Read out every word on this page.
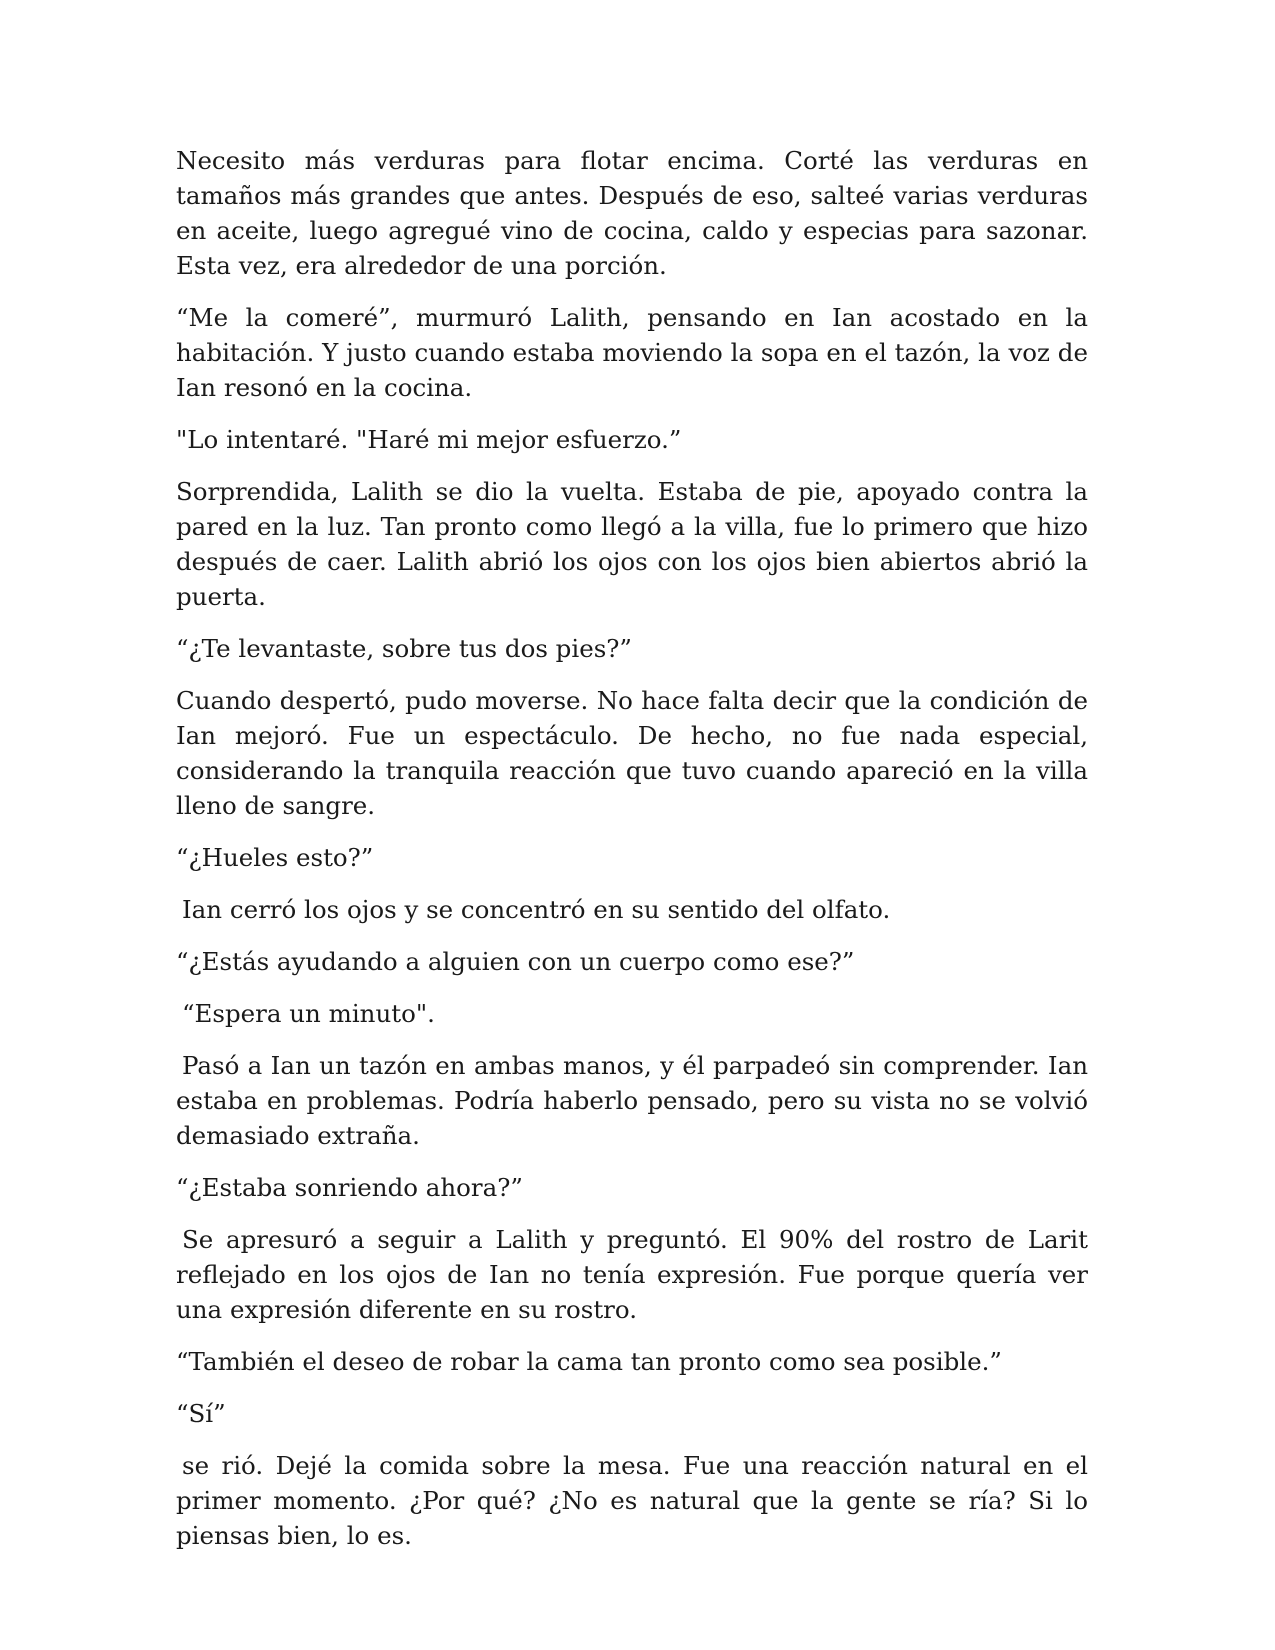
Necesito más verduras para flotar encima. Corté las verduras en tamaños más grandes que antes. Después de eso, salteé varias verduras en aceite, luego agregué vino de cocina, caldo y especias para sazonar. Esta vez, era alrededor de una porción.

“Me la comeré”, murmuró Lalith, pensando en Ian acostado en la habitación. Y justo cuando estaba moviendo la sopa en el tazón, la voz de Ian resonó en la cocina.

"Lo intentaré. "Haré mi mejor esfuerzo.”

Sorprendida, Lalith se dio la vuelta. Estaba de pie, apoyado contra la pared en la luz. Tan pronto como llegó a la villa, fue lo primero que hizo después de caer. Lalith abrió los ojos con los ojos bien abiertos abrió la puerta.

“¿Te levantaste, sobre tus dos pies?”

Cuando despertó, pudo moverse. No hace falta decir que la condición de Ian mejoró. Fue un espectáculo. De hecho, no fue nada especial, considerando la tranquila reacción que tuvo cuando apareció en la villa lleno de sangre.

“¿Hueles esto?”

Ian cerró los ojos y se concentró en su sentido del olfato.

“¿Estás ayudando a alguien con un cuerpo como ese?”

“Espera un minuto".

Pasó a Ian un tazón en ambas manos, y él parpadeó sin comprender. Ian estaba en problemas. Podría haberlo pensado, pero su vista no se volvió demasiado extraña.

“¿Estaba sonriendo ahora?”

Se apresuró a seguir a Lalith y preguntó. El 90% del rostro de Larit reflejado en los ojos de Ian no tenía expresión. Fue porque quería ver una expresión diferente en su rostro.

“También el deseo de robar la cama tan pronto como sea posible.”

“Sí”

se rió. Dejé la comida sobre la mesa. Fue una reacción natural en el primer momento. ¿Por qué? ¿No es natural que la gente se ría? Si lo piensas bien, lo es.
